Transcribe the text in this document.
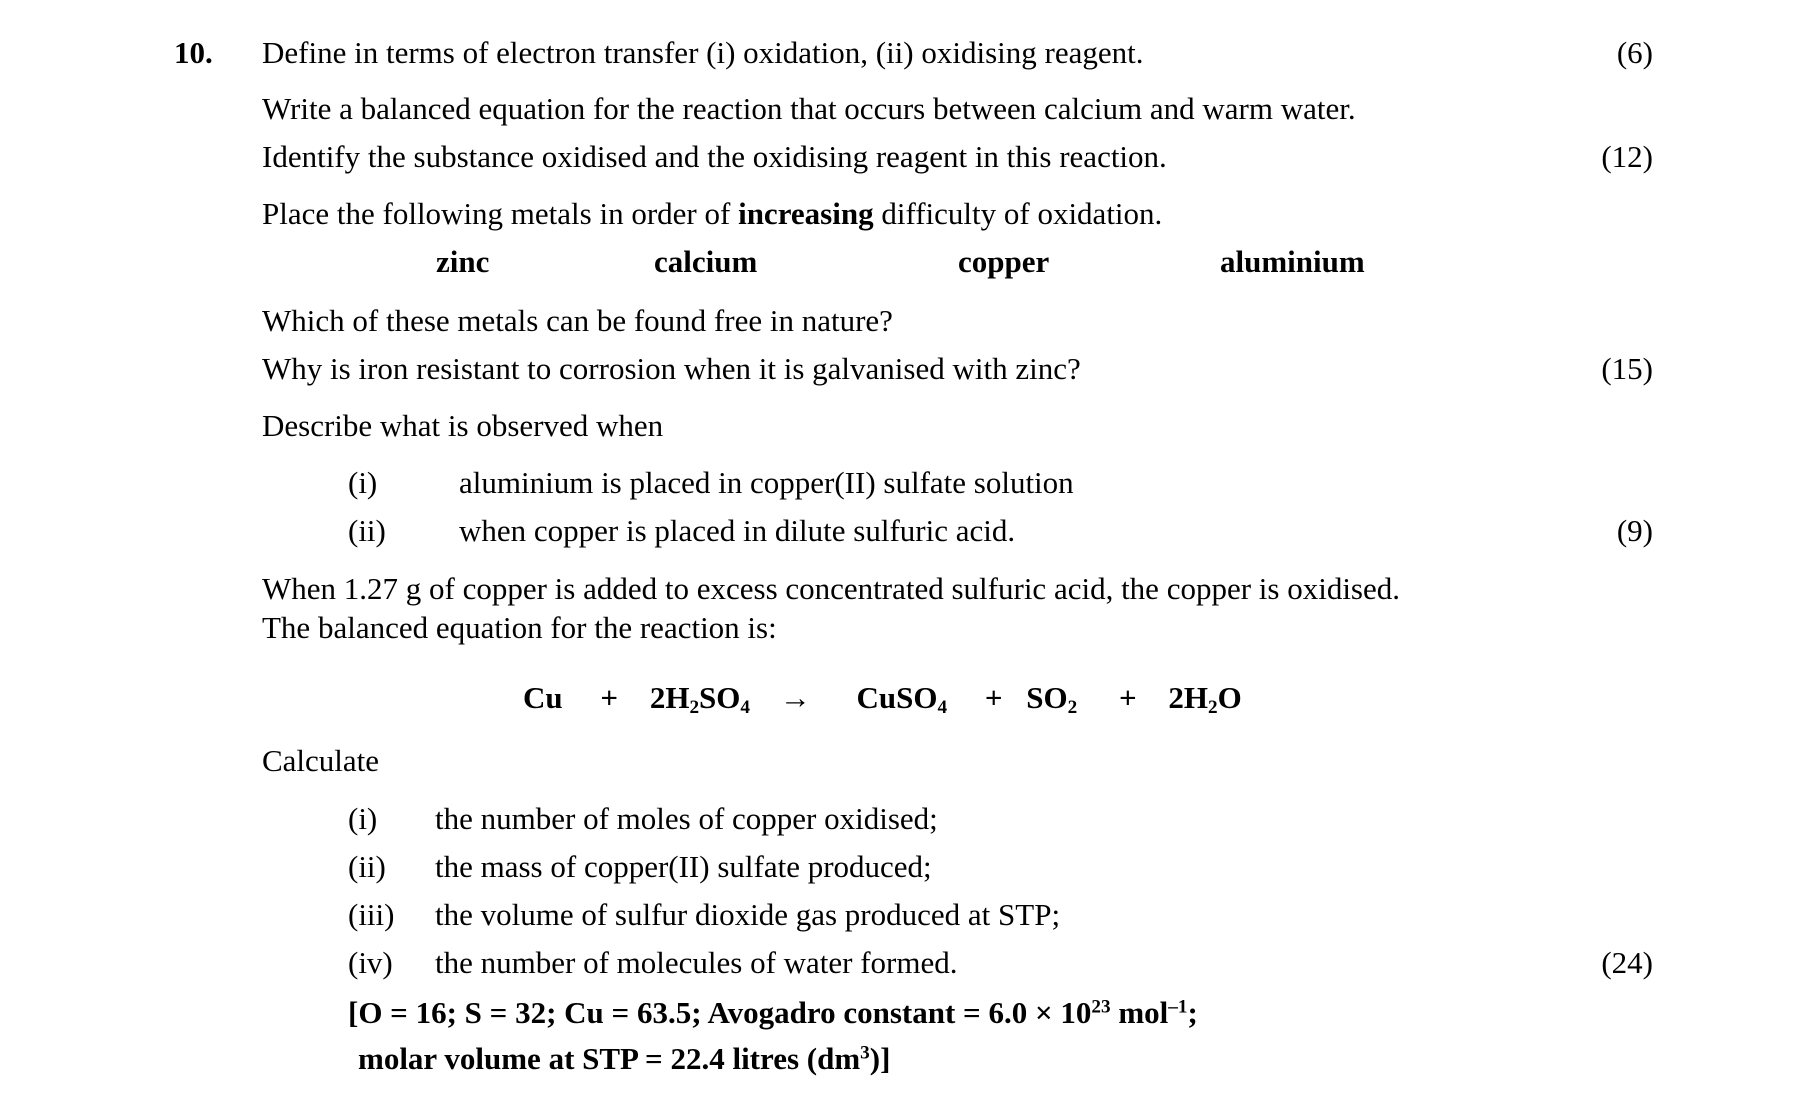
10. Define in terms of electron transfer (i) oxidation, (ii) oxidising reagent.	(6)
Write a balanced equation for the reaction that occurs between calcium and warm water.
Identify the substance oxidised and the oxidising reagent in this reaction.	(12)
Place the following metals in order of increasing difficulty of oxidation.
zinc	calcium	copper	aluminium
Which of these metals can be found free in nature?
Why is iron resistant to corrosion when it is galvanised with zinc?	(15)
Describe what is observed when
(i)	aluminium is placed in copper(II) sulfate solution
(ii) when copper is placed in dilute sulfuric acid.	(9)
When 1.27 g of copper is added to excess concentrated sulfuric acid, the copper is oxidised.
The balanced equation for the reaction is:
$Cu + 2H_2SO_4$ → CuSO$_4$ + $SO_2 + 2H_2O$
Calculate
(i) the number of moles of copper oxidised;
(ii) the mass of copper(II) sulfate produced;
(iii) the volume of sulfur dioxide gas produced at STP;
(iv) the number of molecules of water formed.	(24)
[O = 16; S = 32; Cu = 63.5; Avogadro constant = $6.0 \times 10^{23}$ mol$^{-1}$;
molar volume at STP = 22.4 litres $(dm^3)$]
